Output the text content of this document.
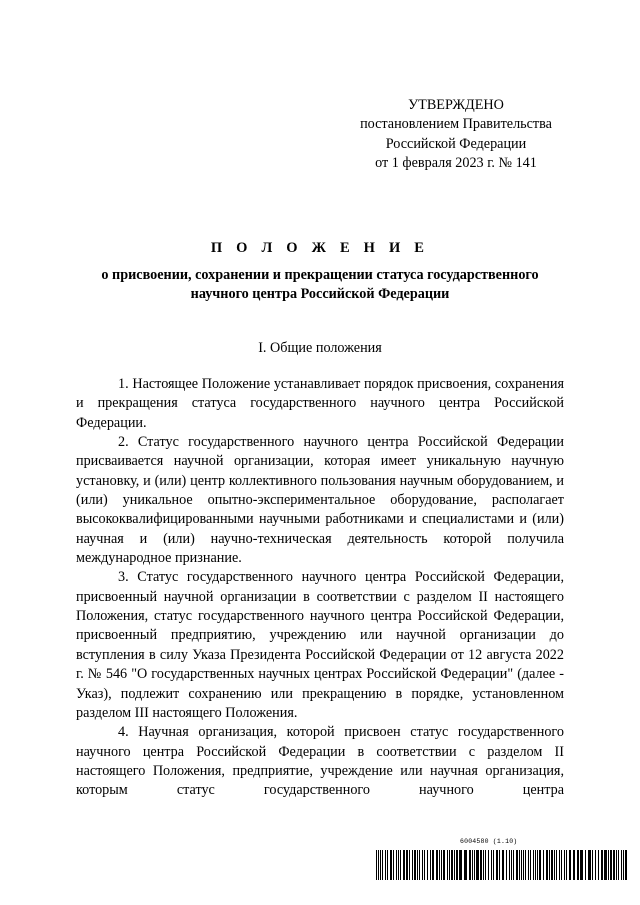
УТВЕРЖДЕНО
постановлением Правительства
Российской Федерации
от 1 февраля 2023 г. № 141
П О Л О Ж Е Н И Е
о присвоении, сохранении и прекращении статуса государственного
научного центра Российской Федерации
I. Общие положения

1. Настоящее Положение устанавливает порядок присвоения, сохранения и прекращения статуса государственного научного центра Российской Федерации.

2. Статус государственного научного центра Российской Федерации присваивается научной организации, которая имеет уникальную научную установку, и (или) центр коллективного пользования научным оборудованием, и (или) уникальное опытно-экспериментальное оборудование, располагает высококвалифицированными научными работниками и специалистами и (или) научная и (или) научно-техническая деятельность которой получила международное признание.

3. Статус государственного научного центра Российской Федерации, присвоенный научной организации в соответствии с разделом II настоящего Положения, статус государственного научного центра Российской Федерации, присвоенный предприятию, учреждению или научной организации до вступления в силу Указа Президента Российской Федерации от 12 августа 2022 г. № 546 "О государственных научных центрах Российской Федерации" (далее - Указ), подлежит сохранению или прекращению в порядке, установленном разделом III настоящего Положения.

4. Научная организация, которой присвоен статус государственного научного центра Российской Федерации в соответствии с разделом II настоящего Положения, предприятие, учреждение или научная организация, которым статус государственного научного центра

6004580 (1.10)
